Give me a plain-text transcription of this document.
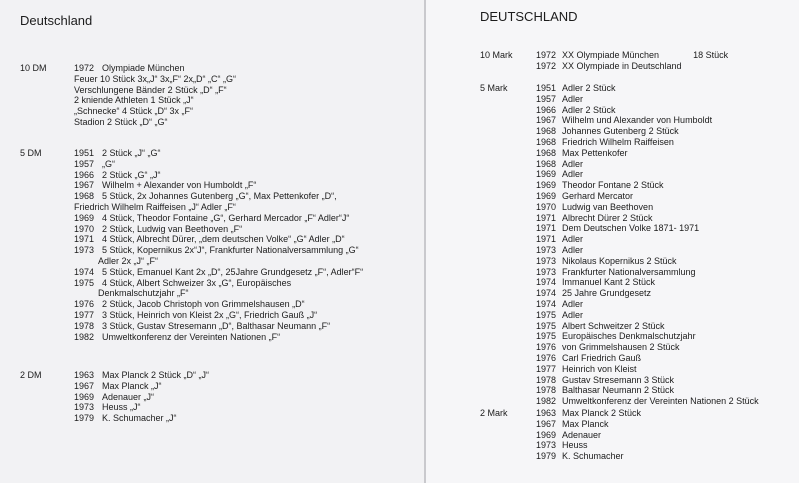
Deutschland
10 DM	1972 Olympiade München
Feuer 10 Stück 3x„J“ 3x„F“ 2x„D“ „C“ „G“
Verschlungene Bänder 2 Stück „D“ „F“
2 kniende Athleten 1 Stück „J“
„Schnecke“ 4 Stück „D“ 3x „F“
Stadion 2 Stück „D“ „G“
5 DM	1951 2 Stück „J“ „G“
1957 „G“
1966 2 Stück „G“ „J“
1967 Wilhelm + Alexander von Humboldt „F“
1968 5 Stück, 2x Johannes Gutenberg „G“, Max Pettenkofer „D“,
Friedrich Wilhelm Raiffeisen „J“ Adler „F“
1969 4 Stück, Theodor Fontaine „G“, Gerhard Mercador „F“ Adler“J“
1970 2 Stück, Ludwig van Beethoven „F“
1971 4 Stück, Albrecht Dürer, „dem deutschen Volke“ „G“ Adler „D“
1973 5 Stück, Kopernikus 2x“J“, Frankfurter Nationalversammlung „G“
Adler 2x „J“ „F“
1974 5 Stück, Emanuel Kant 2x „D“, 25Jahre Grundgesetz „F“, Adler“F“
1975 4 Stück, Albert Schweizer 3x „G“, Europäisches
Denkmalschutzjahr „F“
1976 2 Stück, Jacob Christoph von Grimmelshausen „D“
1977 3 Stück, Heinrich von Kleist 2x „G“, Friedrich Gauß „J“
1978 3 Stück, Gustav Stresemann „D“, Balthasar Neumann „F“
1982 Umweltkonferenz der Vereinten Nationen „F“
2 DM	1963 Max Planck 2 Stück „D“ „J“
1967 Max Planck „J“
1969 Adenauer „J“
1973 Heuss „J“
1979 K. Schumacher „J“
DEUTSCHLAND
10 Mark	1972 XX Olympiade München	18 Stück
1972 XX Olympiade in Deutschland
5 Mark	1951 Adler 2 Stück
1957 Adler
1966 Adler 2 Stück
1967 Wilhelm und Alexander von Humboldt
1968 Johannes Gutenberg 2 Stück
1968 Friedrich Wilhelm Raiffeisen
1968 Max Pettenkofer
1968 Adler
1969 Adler
1969 Theodor Fontane 2 Stück
1969 Gerhard Mercator
1970 Ludwig van Beethoven
1971 Albrecht Dürer 2 Stück
1971 Dem Deutschen Volke 1871- 1971
1971 Adler
1973 Adler
1973 Nikolaus Kopernikus 2 Stück
1973 Frankfurter Nationalversammlung
1974 Immanuel Kant 2 Stück
1974 25 Jahre Grundgesetz
1974 Adler
1975 Adler
1975 Albert Schweitzer 2 Stück
1975 Europäisches Denkmalschutzjahr
1976 von Grimmelshausen 2 Stück
1976 Carl Friedrich Gauß
1977 Heinrich von Kleist
1978 Gustav Stresemann 3 Stück
1978 Balthasar Neumann 2 Stück
1982 Umweltkonferenz der Vereinten Nationen 2 Stück
2 Mark	1963 Max Planck 2 Stück
1967 Max Planck
1969 Adenauer
1973 Heuss
1979 K. Schumacher
